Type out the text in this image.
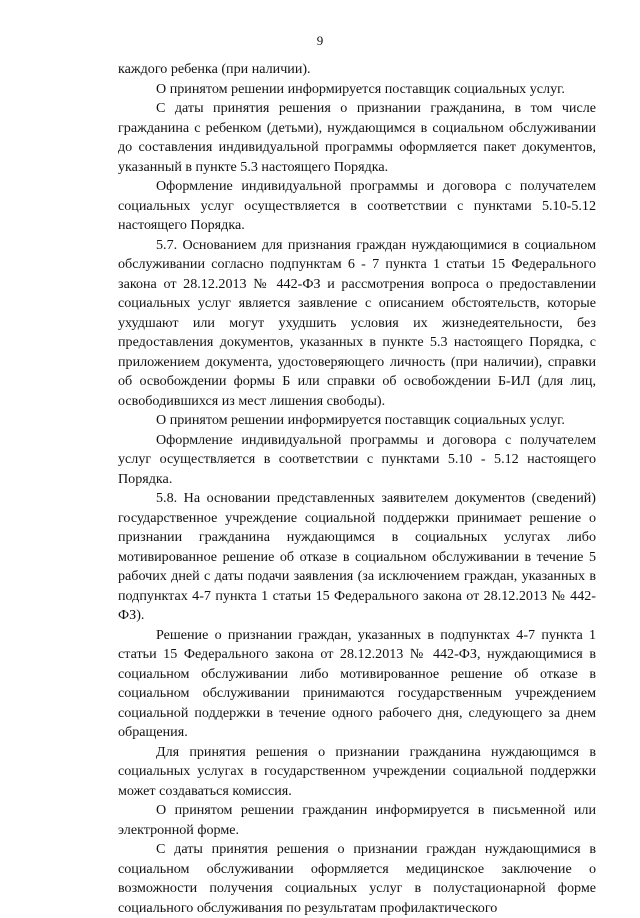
9

каждого ребенка (при наличии).

О принятом решении информируется поставщик социальных услуг.

С даты принятия решения о признании гражданина, в том числе гражданина с ребенком (детьми), нуждающимся в социальном обслуживании до составления индивидуальной программы оформляется пакет документов, указанный в пункте 5.3 настоящего Порядка.

Оформление индивидуальной программы и договора с получателем социальных услуг осуществляется в соответствии с пунктами 5.10-5.12 настоящего Порядка.

5.7. Основанием для признания граждан нуждающимися в социальном обслуживании согласно подпунктам 6 - 7 пункта 1 статьи 15 Федерального закона от 28.12.2013 № 442-ФЗ и рассмотрения вопроса о предоставлении социальных услуг является заявление с описанием обстоятельств, которые ухудшают или могут ухудшить условия их жизнедеятельности, без предоставления документов, указанных в пункте 5.3 настоящего Порядка, с приложением документа, удостоверяющего личность (при наличии), справки об освобождении формы Б или справки об освобождении Б-ИЛ (для лиц, освободившихся из мест лишения свободы).

О принятом решении информируется поставщик социальных услуг.

Оформление индивидуальной программы и договора с получателем услуг осуществляется в соответствии с пунктами 5.10 - 5.12 настоящего Порядка.

5.8. На основании представленных заявителем документов (сведений) государственное учреждение социальной поддержки принимает решение о признании гражданина нуждающимся в социальных услугах либо мотивированное решение об отказе в социальном обслуживании в течение 5 рабочих дней с даты подачи заявления (за исключением граждан, указанных в подпунктах 4-7 пункта 1 статьи 15 Федерального закона от 28.12.2013 № 442-ФЗ).

Решение о признании граждан, указанных в подпунктах 4-7 пункта 1 статьи 15 Федерального закона от 28.12.2013 № 442-ФЗ, нуждающимися в социальном обслуживании либо мотивированное решение об отказе в социальном обслуживании принимаются государственным учреждением социальной поддержки в течение одного рабочего дня, следующего за днем обращения.

Для принятия решения о признании гражданина нуждающимся в социальных услугах в государственном учреждении социальной поддержки может создаваться комиссия.

О принятом решении гражданин информируется в письменной или электронной форме.

С даты принятия решения о признании граждан нуждающимися в социальном обслуживании оформляется медицинское заключение о возможности получения социальных услуг в полустационарной форме социального обслуживания по результатам профилактического
